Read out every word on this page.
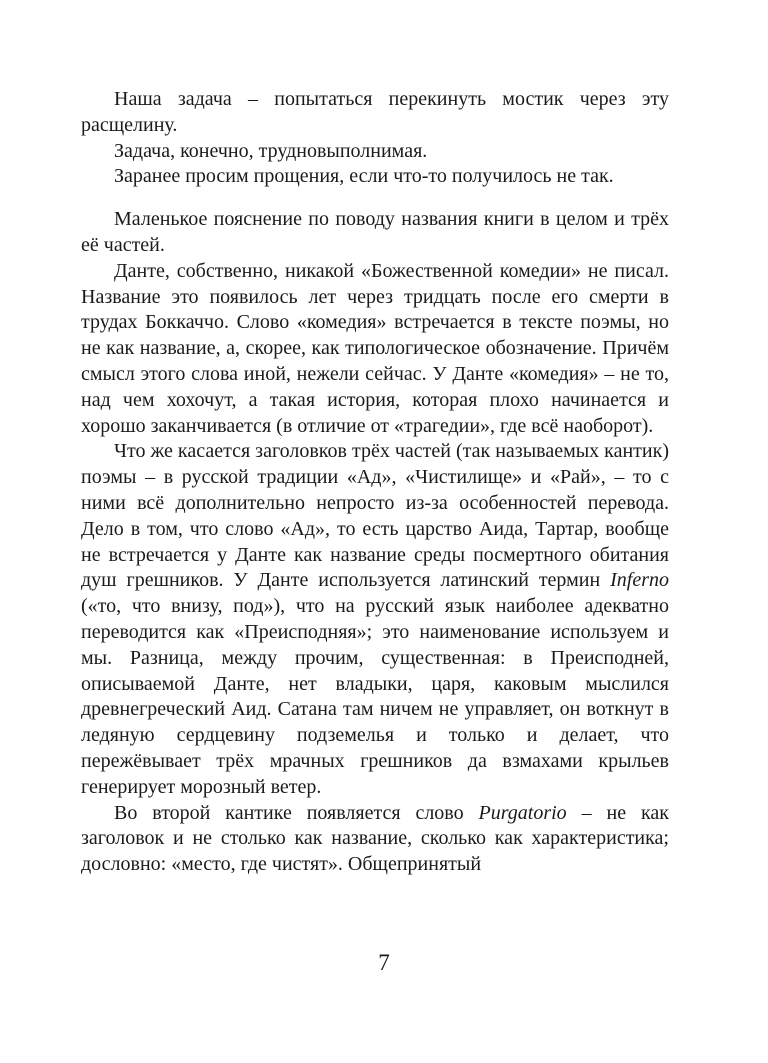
Наша задача – попытаться перекинуть мостик через эту расщелину.

Задача, конечно, трудновыполнимая.

Заранее просим прощения, если что-то получилось не так.

Маленькое пояснение по поводу названия книги в целом и трёх её частей.

Данте, собственно, никакой «Божественной комедии» не писал. Название это появилось лет через тридцать после его смерти в трудах Боккаччо. Слово «комедия» встречается в тексте поэмы, но не как название, а, скорее, как типологическое обозначение. Причём смысл этого слова иной, нежели сейчас. У Данте «комедия» – не то, над чем хохочут, а такая история, которая плохо начинается и хорошо заканчивается (в отличие от «трагедии», где всё наоборот).

Что же касается заголовков трёх частей (так называемых кантик) поэмы – в русской традиции «Ад», «Чистилище» и «Рай», – то с ними всё дополнительно непросто из-за особенностей перевода. Дело в том, что слово «Ад», то есть царство Аида, Тартар, вообще не встречается у Данте как название среды посмертного обитания душ грешников. У Данте используется латинский термин Inferno («то, что внизу, под»), что на русский язык наиболее адекватно переводится как «Преисподняя»; это наименование используем и мы. Разница, между прочим, существенная: в Преисподней, описываемой Данте, нет владыки, царя, каковым мыслился древнегреческий Аид. Сатана там ничем не управляет, он воткнут в ледяную сердцевину подземелья и только и делает, что пережёвывает трёх мрачных грешников да взмахами крыльев генерирует морозный ветер.

Во второй кантике появляется слово Purgatorio – не как заголовок и не столько как название, сколько как характеристика; дословно: «место, где чистят». Общепринятый

7
